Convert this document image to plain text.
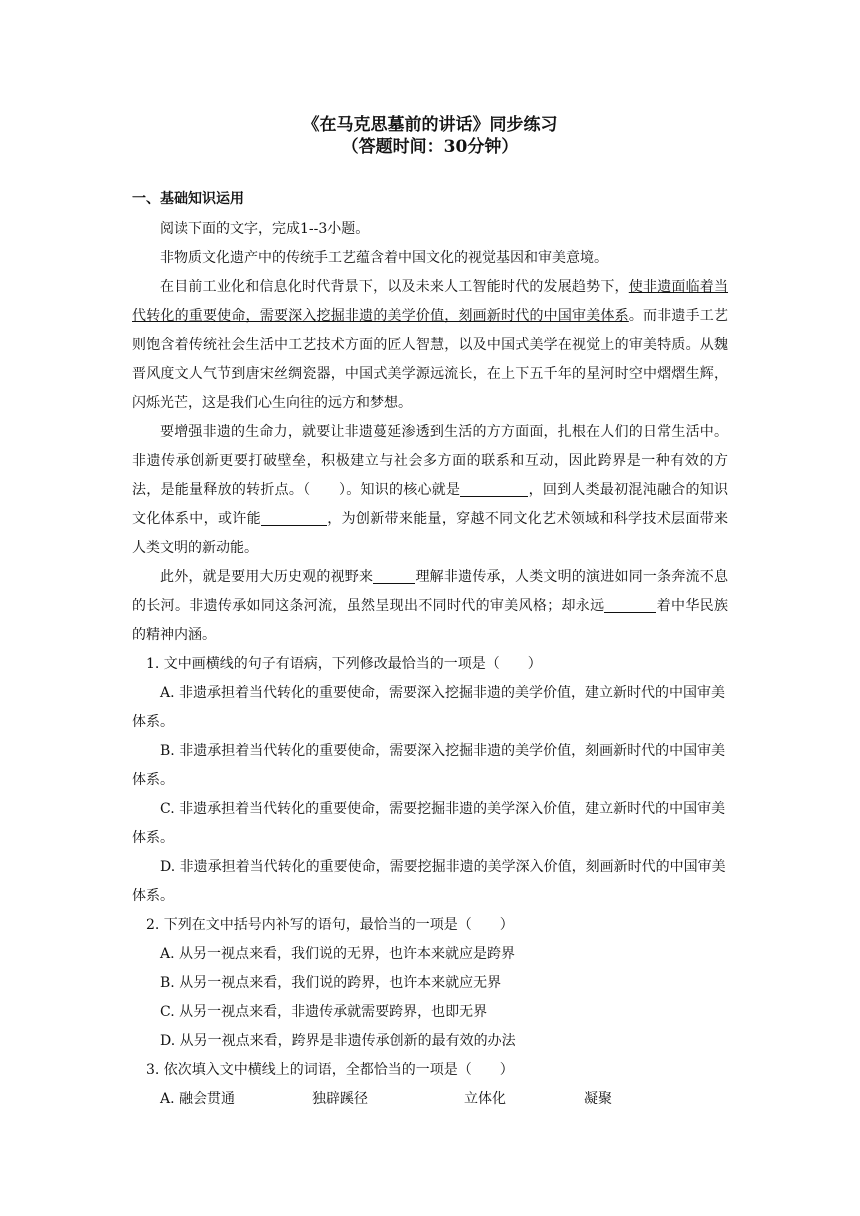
《在马克思墓前的讲话》同步练习
（答题时间：30分钟）
一、基础知识运用

阅读下面的文字，完成1--3小题。

非物质文化遗产中的传统手工艺蕴含着中国文化的视觉基因和审美意境。

在目前工业化和信息化时代背景下，以及未来人工智能时代的发展趋势下，使非遗面临着当代转化的重要使命，需要深入挖掘非遗的美学价值，刻画新时代的中国审美体系。而非遗手工艺则饱含着传统社会生活中工艺技术方面的匠人智慧，以及中国式美学在视觉上的审美特质。从魏晋风度文人气节到唐宋丝绸瓷器，中国式美学源远流长，在上下五千年的星河时空中熠熠生辉，闪烁光芒，这是我们心生向往的远方和梦想。

要增强非遗的生命力，就要让非遗蔓延渗透到生活的方方面面，扎根在人们的日常生活中。非遗传承创新更要打破壁垒，积极建立与社会多方面的联系和互动，因此跨界是一种有效的方法，是能量释放的转折点。（　　）。知识的核心就是	，回到人类最初混沌融合的知识文化体系中，或许能	，为创新带来能量，穿越不同文化艺术领域和科学技术层面带来人类文明的新动能。

此外，就是要用大历史观的视野来	理解非遗传承，人类文明的演进如同一条奔流不息的长河。非遗传承如同这条河流，虽然呈现出不同时代的审美风格；却永远	着中华民族的精神内涵。

1. 文中画横线的句子有语病，下列修改最恰当的一项是（　　）

A. 非遗承担着当代转化的重要使命，需要深入挖掘非遗的美学价值，建立新时代的中国审美体系。

B. 非遗承担着当代转化的重要使命，需要深入挖掘非遗的美学价值，刻画新时代的中国审美体系。

C. 非遗承担着当代转化的重要使命，需要挖掘非遗的美学深入价值，建立新时代的中国审美体系。

D. 非遗承担着当代转化的重要使命，需要挖掘非遗的美学深入价值，刻画新时代的中国审美体系。

2. 下列在文中括号内补写的语句，最恰当的一项是（　　）

A. 从另一视点来看，我们说的无界，也许本来就应是跨界

B. 从另一视点来看，我们说的跨界，也许本来就应无界

C. 从另一视点来看，非遗传承就需要跨界，也即无界

D. 从另一视点来看，跨界是非遗传承创新的最有效的办法

3. 依次填入文中横线上的词语，全都恰当的一项是（　　）

A. 融会贯通	独辟蹊径	立体化	凝聚
